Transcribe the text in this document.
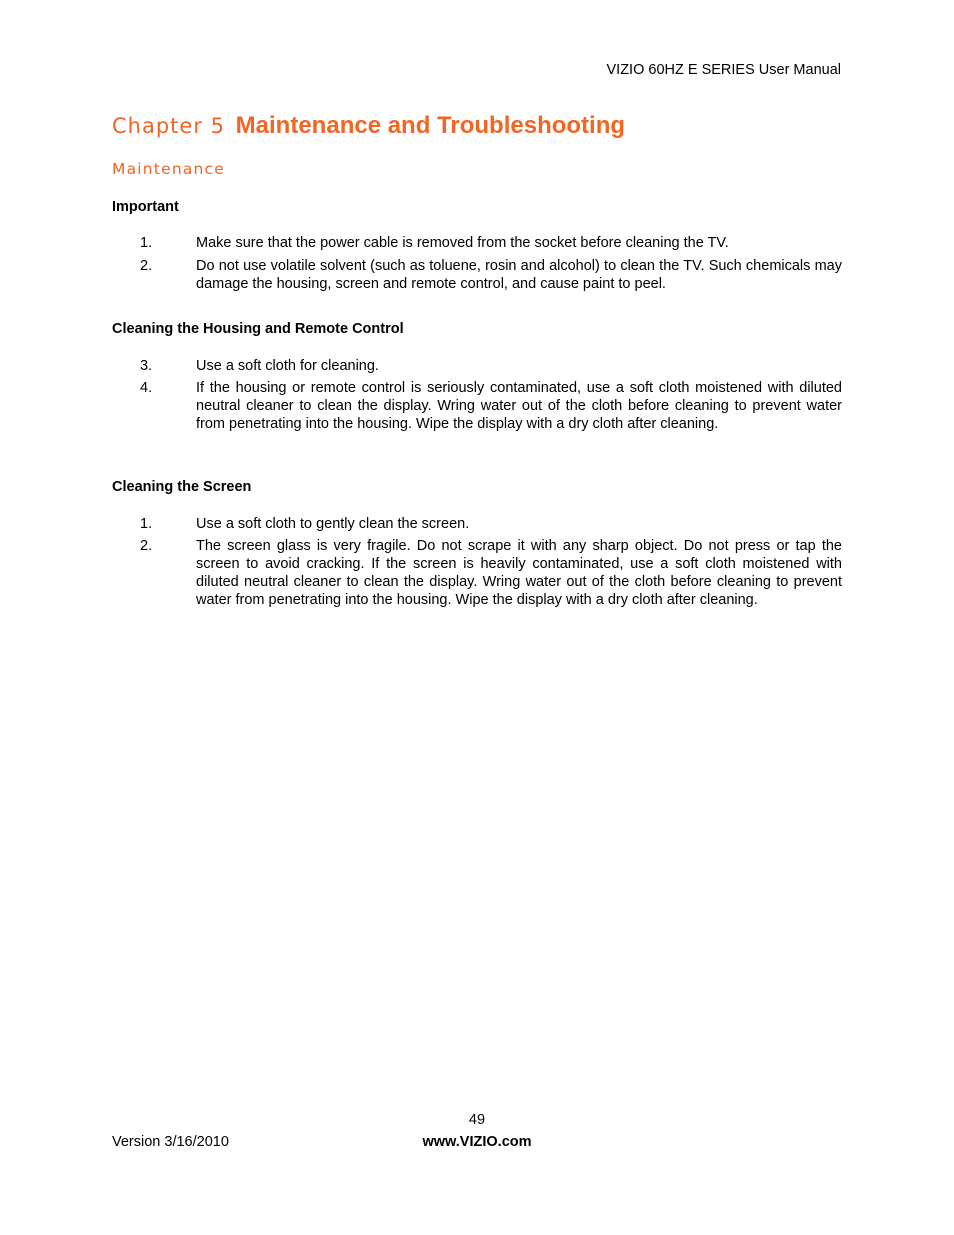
VIZIO 60HZ E SERIES User Manual
Chapter 5 Maintenance and Troubleshooting
Maintenance
Important
1.	Make sure that the power cable is removed from the socket before cleaning the TV.
2.	Do not use volatile solvent (such as toluene, rosin and alcohol) to clean the TV. Such chemicals may damage the housing, screen and remote control, and cause paint to peel.
Cleaning the Housing and Remote Control
3.	Use a soft cloth for cleaning.
4.	If the housing or remote control is seriously contaminated, use a soft cloth moistened with diluted neutral cleaner to clean the display. Wring water out of the cloth before cleaning to prevent water from penetrating into the housing. Wipe the display with a dry cloth after cleaning.
Cleaning the Screen
1.	Use a soft cloth to gently clean the screen.
2.	The screen glass is very fragile. Do not scrape it with any sharp object. Do not press or tap the screen to avoid cracking. If the screen is heavily contaminated, use a soft cloth moistened with diluted neutral cleaner to clean the display. Wring water out of the cloth before cleaning to prevent water from penetrating into the housing. Wipe the display with a dry cloth after cleaning.
49
Version 3/16/2010	www.VIZIO.com
